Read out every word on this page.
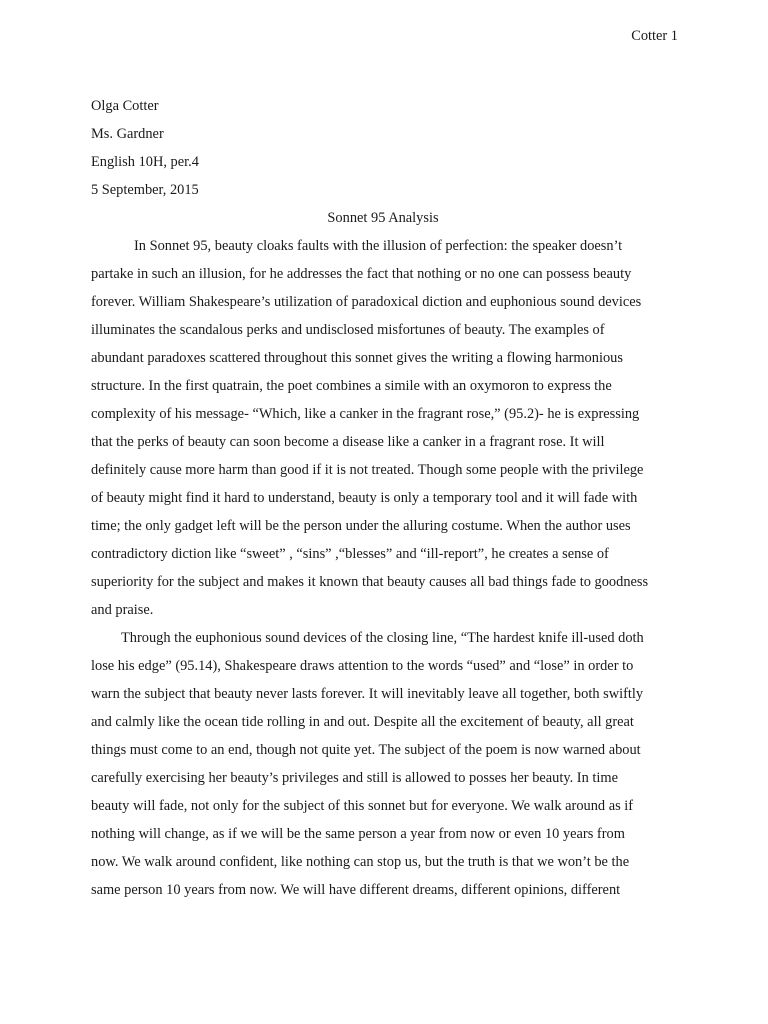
Cotter 1
Olga Cotter
Ms. Gardner
English 10H, per.4
5 September, 2015
Sonnet 95 Analysis
In Sonnet 95, beauty cloaks faults with the illusion of perfection: the speaker doesn’t
partake in such an illusion, for he addresses the fact that nothing or no one can possess beauty
forever. William Shakespeare’s utilization of paradoxical diction and euphonious sound devices
illuminates the scandalous perks and undisclosed misfortunes of beauty. The examples of
abundant paradoxes scattered throughout this sonnet gives the writing a flowing harmonious
structure. In the first quatrain, the poet combines a simile with an oxymoron to express the
complexity of his message- “Which, like a canker in the fragrant rose,” (95.2)- he is expressing
that the perks of beauty can soon become a disease like a canker in a fragrant rose. It will
definitely cause more harm than good if it is not treated. Though some people with the privilege
of beauty might find it hard to understand, beauty is only a temporary tool and it will fade with
time; the only gadget left will be the person under the alluring costume. When the author uses
contradictory diction like “sweet” , “sins” ,“blesses” and “ill-report”, he creates a sense of
superiority for the subject and makes it known that beauty causes all bad things fade to goodness
and praise.
Through the euphonious sound devices of the closing line, “The hardest knife ill-used doth
lose his edge” (95.14), Shakespeare draws attention to the words “used” and “lose” in order to
warn the subject that beauty never lasts forever. It will inevitably leave all together, both swiftly
and calmly like the ocean tide rolling in and out. Despite all the excitement of beauty, all great
things must come to an end, though not quite yet. The subject of the poem is now warned about
carefully exercising her beauty’s privileges and still is allowed to posses her beauty. In time
beauty will fade, not only for the subject of this sonnet but for everyone. We walk around as if
nothing will change, as if we will be the same person a year from now or even 10 years from
now. We walk around confident, like nothing can stop us, but the truth is that we won’t be the
same person 10 years from now. We will have different dreams, different opinions, different
